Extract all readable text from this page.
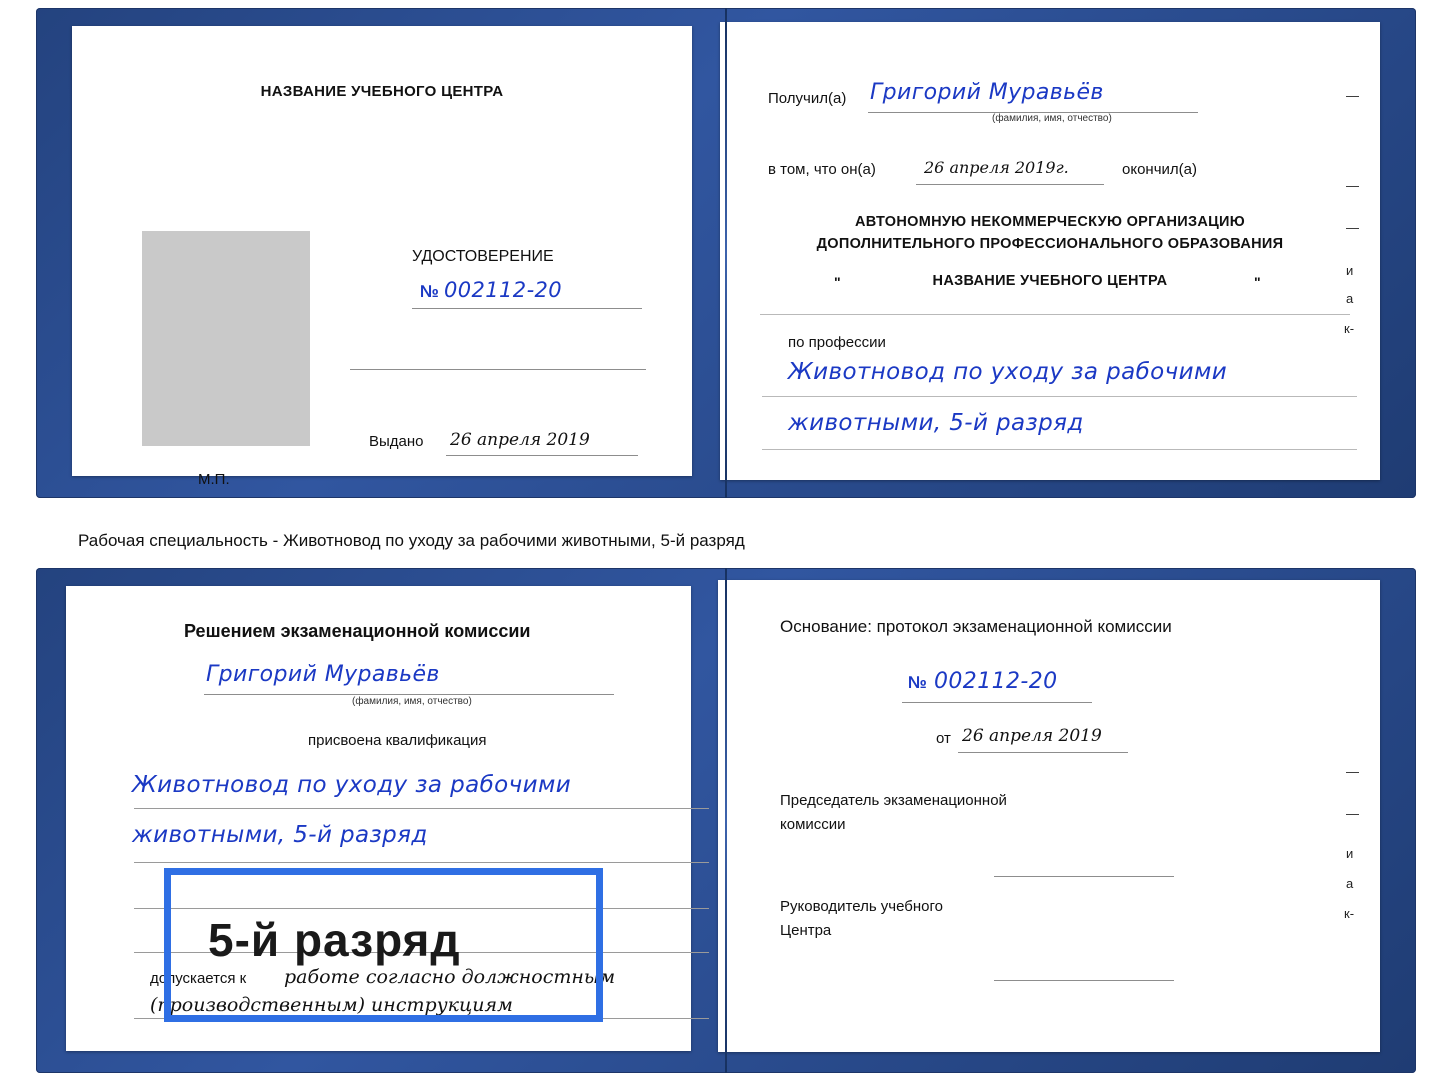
НАЗВАНИЕ УЧЕБНОГО ЦЕНТРА
УДОСТОВЕРЕНИЕ
№ 002112-20
Выдано 26 апреля 2019
М.П.
Получил(а) Григорий Муравьёв
(фамилия, имя, отчество)
в том, что он(а)	26 апреля 2019г.	окончил(а)
АВТОНОМНУЮ НЕКОММЕРЧЕСКУЮ ОРГАНИЗАЦИЮ
ДОПОЛНИТЕЛЬНОГО ПРОФЕССИОНАЛЬНОГО ОБРАЗОВАНИЯ
"	НАЗВАНИЕ УЧЕБНОГО ЦЕНТРА	"
по профессии
Животновод по уходу за рабочими
животными, 5-й разряд
—
—
—
и
а
к-
Рабочая специальность - Животновод по уходу за рабочими животными, 5-й разряд
Решением экзаменационной комиссии
Григорий Муравьёв
(фамилия, имя, отчество)
присвоена квалификация
Животновод по уходу за рабочими
животными, 5-й разряд
допускается к работе согласно должностным
(производственным) инструкциям
5-й разряд
Основание: протокол экзаменационной комиссии
№ 002112-20
от 26 апреля 2019
Председатель экзаменационной
комиссии
Руководитель учебного
Центра
—
—
и
а
к-
